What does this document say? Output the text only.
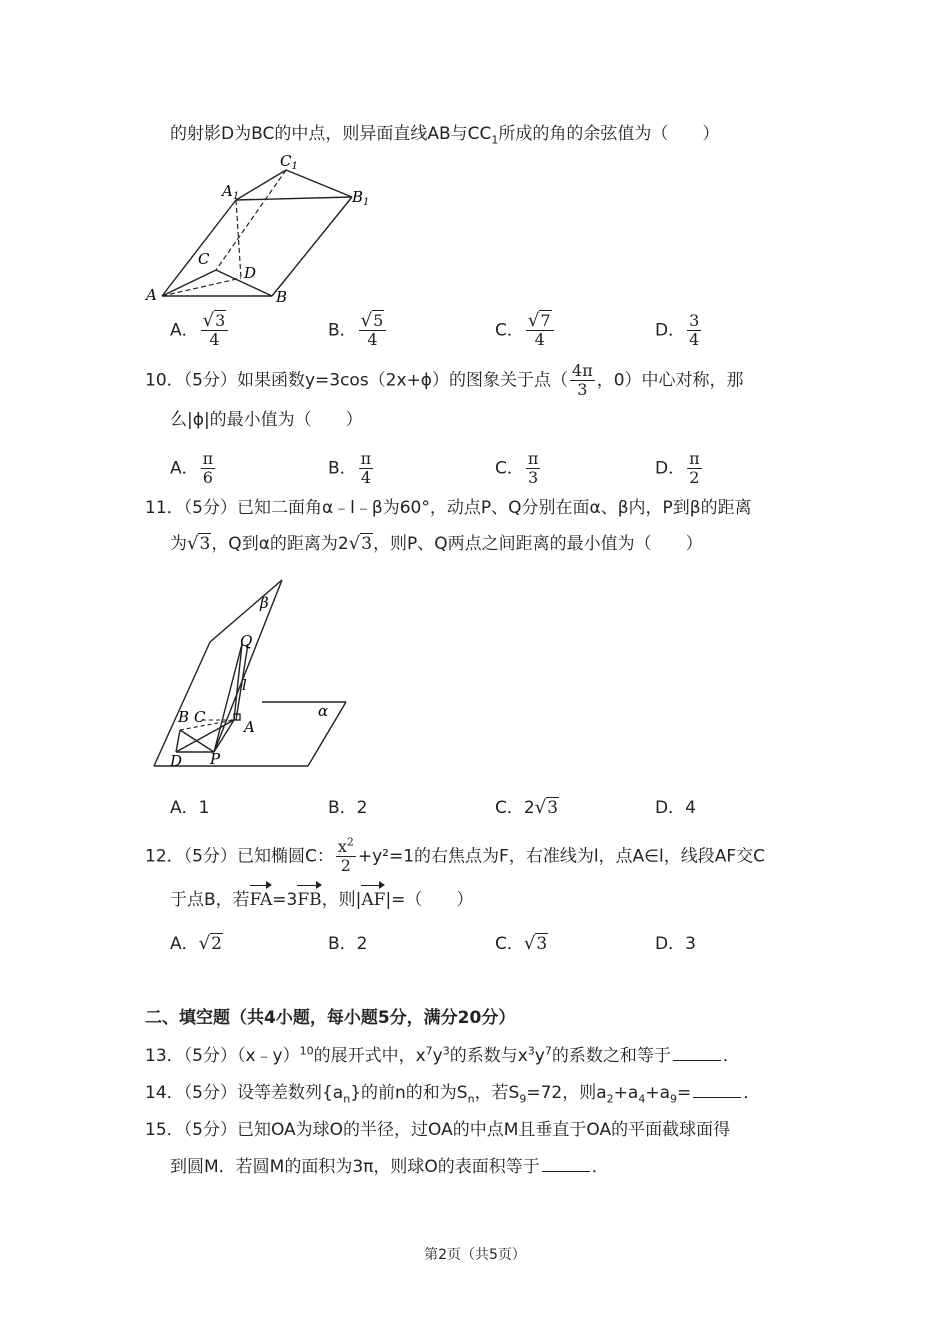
的射影D为BC的中点，则异面直线AB与$CC_1$所成的角的余弦值为（　　）
$C_1$
$A_1$	$B_1$
C
D
A	B
A． $\frac{√3}{4}$	B． $\frac{√5}{4}$	C． $\frac{√7}{4}$	D． $\frac{3}{4}$
10．（5分）如果函数y=3cos（2x+ϕ）的图象关于点（ $\frac{4\pi}{3}$ ，0）中心对称，那
么|ϕ|的最小值为（　　）
A． $\frac{\pi}{6}$	B． $\frac{\pi}{4}$	C． $\frac{\pi}{3}$	D． $\frac{\pi}{2}$
11．（5分）已知二面角α﹣l﹣β为60°，动点P、Q分别在面α、β内，P到β的距离
为√3，Q到α的距离为2√3，则P、Q两点之间距离的最小值为（　　）
β
Q
l
α
B C
A
D P
A．1	B．2	C．2√3	D．4
12．（5分）已知椭圆C： $\frac{x^2}{2} +y^2=1$的右焦点为F，右准线为l，点A∈l，线段AF交C
于点B，若FA=3FB，则|AF|=（　　）
A．√2	B．2	C．√3	D．3
二、填空题（共4小题，每小题5分，满分20分）
13．（5分）（x﹣y）$^{10}$的展开式中，$x^7y^3$的系数与$x^3y^7$的系数之和等于	．
14．（5分）设等差数列$\{a_n\}$的前n的和为$S_n$，若$S_9=72$，则$a_2+a_4+a_9=$	．
15．（5分）已知OA为球O的半径，过OA的中点M且垂直于OA的平面截球面得
到圆M．若圆M的面积为3π，则球O的表面积等于	．
第2页（共5页）
